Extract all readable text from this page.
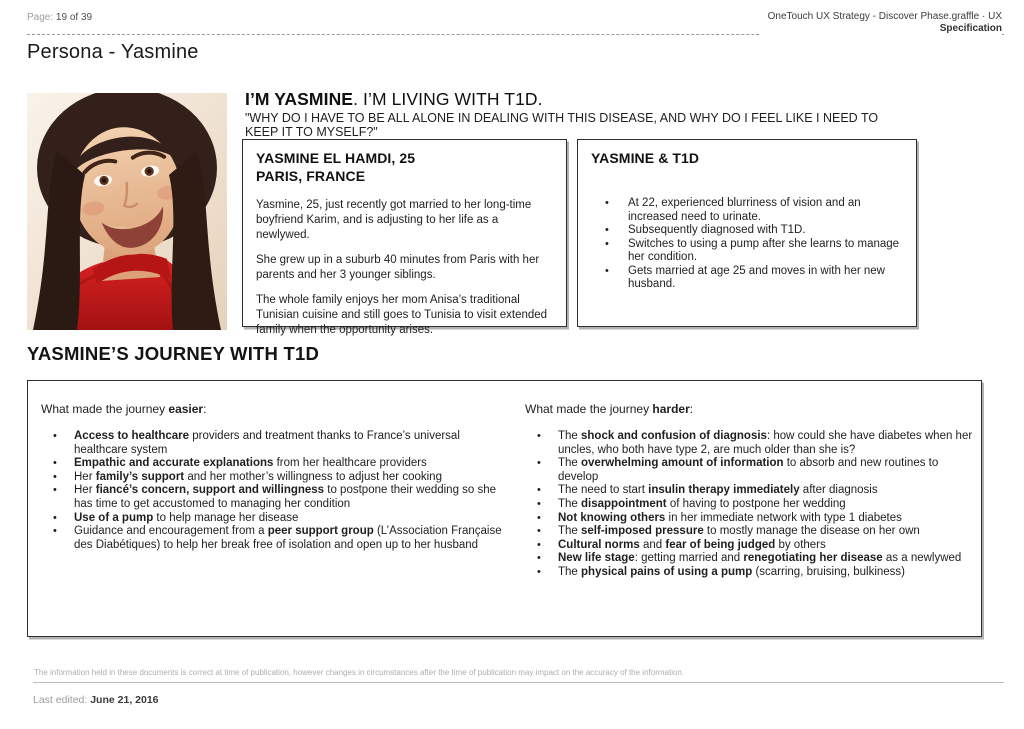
Page: 19 of 39	OneTouch UX Strategy - Discover Phase.graffle · UX
Specification
Persona - Yasmine
I’M YASMINE. I’M LIVING WITH T1D.
"WHY DO I HAVE TO BE ALL ALONE IN DEALING WITH THIS DISEASE, AND WHY DO I FEEL LIKE I NEED TO KEEP IT TO MYSELF?"
YASMINE EL HAMDI, 25
PARIS, FRANCE

Yasmine, 25, just recently got married to her long-time boyfriend Karim, and is adjusting to her life as a newlywed.

She grew up in a suburb 40 minutes from Paris with her parents and her 3 younger siblings.

The whole family enjoys her mom Anisa’s traditional Tunisian cuisine and still goes to Tunisia to visit extended family when the opportunity arises.

YASMINE & T1D
•	At 22, experienced blurriness of vision and an increased need to urinate.
•	Subsequently diagnosed with T1D.
•	Switches to using a pump after she learns to manage her condition.
•	Gets married at age 25 and moves in with her new husband.
YASMINE’S JOURNEY WITH T1D
What made the journey easier:
•	Access to healthcare providers and treatment thanks to France’s universal healthcare system
•	Empathic and accurate explanations from her healthcare providers
•	Her family’s support and her mother’s willingness to adjust her cooking
•	Her fiancé’s concern, support and willingness to postpone their wedding so she has time to get accustomed to managing her condition
•	Use of a pump to help manage her disease
•	Guidance and encouragement from a peer support group (L’Association Française des Diabétiques) to help her break free of isolation and open up to her husband
What made the journey harder:
•	The shock and confusion of diagnosis: how could she have diabetes when her uncles, who both have type 2, are much older than she is?
•	The overwhelming amount of information to absorb and new routines to develop
•	The need to start insulin therapy immediately after diagnosis
•	The disappointment of having to postpone her wedding
•	Not knowing others in her immediate network with type 1 diabetes
•	The self-imposed pressure to mostly manage the disease on her own
•	Cultural norms and fear of being judged by others
•	New life stage: getting married and renegotiating her disease as a newlywed
•	The physical pains of using a pump (scarring, bruising, bulkiness)
The information held in these documents is correct at time of publication, however changes in circumstances after the time of publication may impact on the accuracy of the information.
Last edited: June 21, 2016
